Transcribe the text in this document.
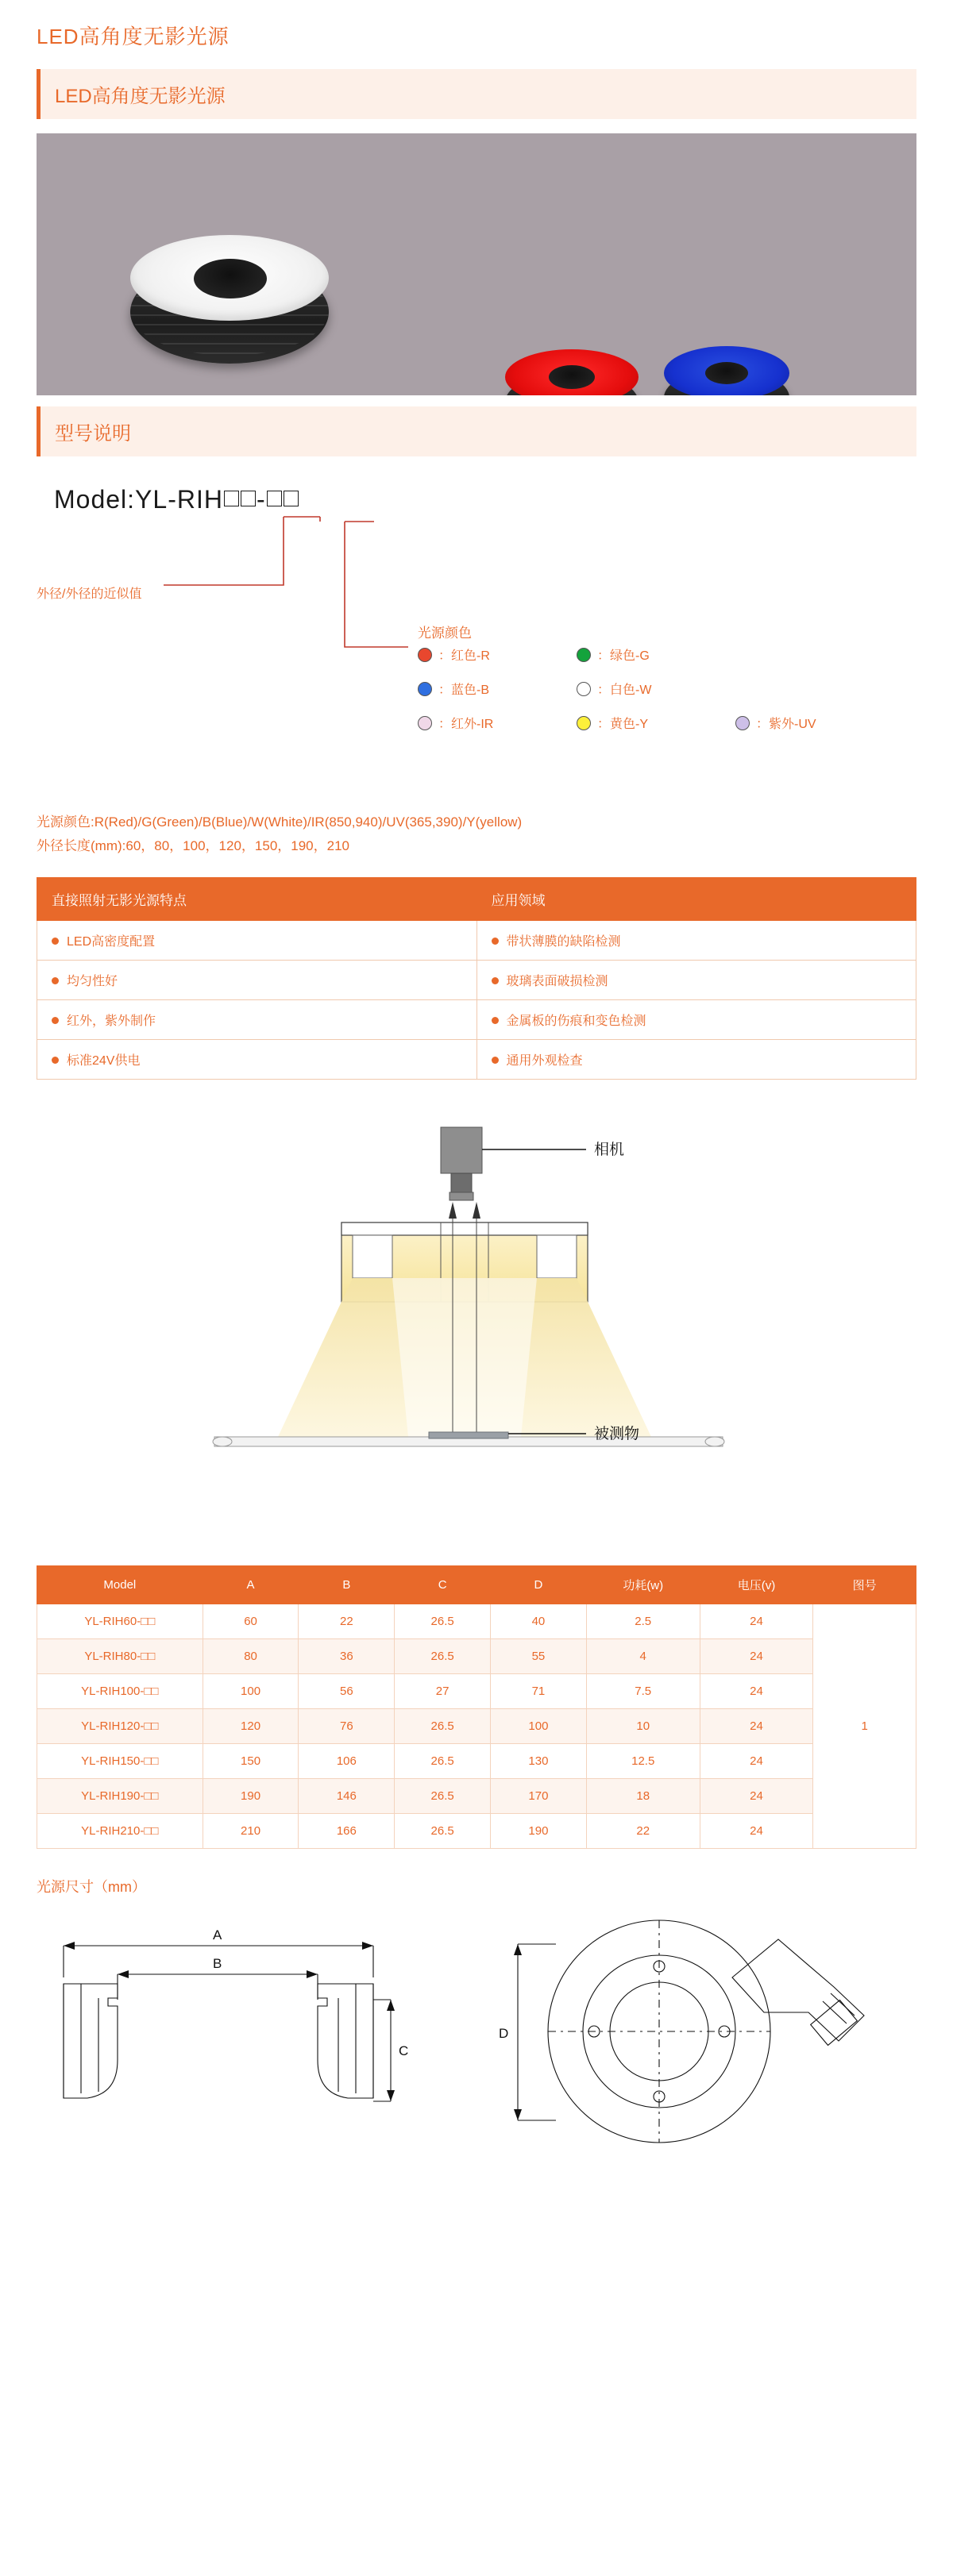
LED高角度无影光源
LED高角度无影光源
型号说明
Model:YL-RIH -
外径/外径的近似值
光源颜色
：红色-R	：绿色-G
：蓝色-B	：白色-W
：红外-IR	：黄色-Y	：紫外-UV
光源颜色:R(Red)/G(Green)/B(Blue)/W(White)/IR(850,940)/UV(365,390)/Y(yellow)
外径长度(mm):60，80，100，120，150，190，210
直接照射无影光源特点	应用领域
LED高密度配置	带状薄膜的缺陷检测
均匀性好	玻璃表面破损检测
红外，紫外制作	金属板的伤痕和变色检测
标准24V供电	通用外观检查
相机
被测物
Model	A	B	C	D	功耗(w)	电压(v)	图号
YL-RIH60-□□	60	22	26.5	40	2.5	24	1
YL-RIH80-□□	80	36	26.5	55	4	24	
YL-RIH100-□□	100	56	27	71	7.5	24	
YL-RIH120-□□	120	76	26.5	100	10	24	
YL-RIH150-□□	150	106	26.5	130	12.5	24	
YL-RIH190-□□	190	146	26.5	170	18	24	
YL-RIH210-□□	210	166	26.5	190	22	24	
光源尺寸（mm）
A
B
C
D
